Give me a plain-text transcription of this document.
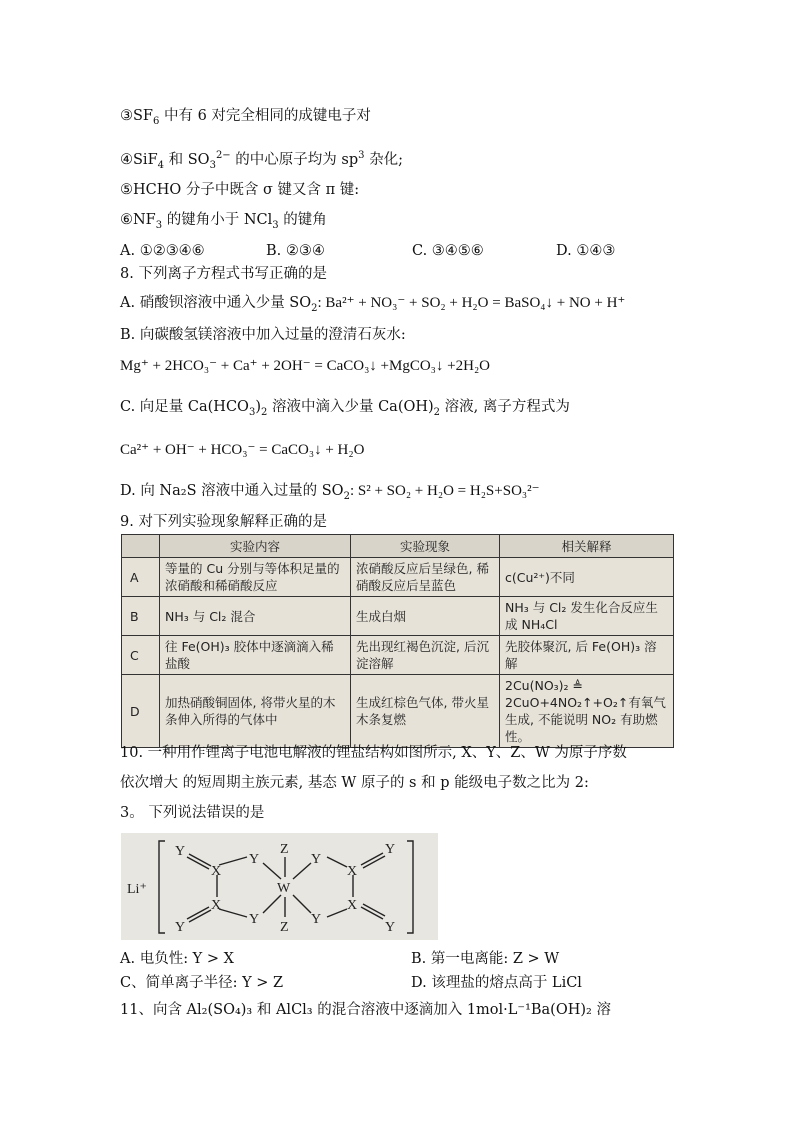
$③SF_6$ 中有 6 对完全相同的成键电子对
④SiF$_4$ 和 $SO_3^{2-}$ 的中心原子均为 $sp^3$ 杂化;
⑤HCHO 分子中既含 σ 键又含 π 键:
$⑥NF_3$ 的键角小于 NCl$_3$ 的键角
A. ①②③④⑥	B. ②③④	C. ③④⑤⑥	D. ①④③
8. 下列离子方程式书写正确的是
A. 硝酸钡溶液中通入少量 $SO_2$: Ba²⁺ + NO₃⁻ + SO₂ + H₂O = BaSO₄↓ + NO + H⁺
B. 向碳酸氢镁溶液中加入过量的澄清石灰水:
Mg⁺ + 2HCO₃⁻ + Ca⁺ + 2OH⁻ = CaCO₃↓ +MgCO₃↓ +2H₂O
C. 向足量 $Ca(HCO_3)_2$ 溶液中滴入少量 $Ca(OH)_2$ 溶液, 离子方程式为
Ca²⁺ + OH⁻ + HCO₃⁻ = CaCO₃↓ + H₂O
D. 向 Na₂S 溶液中通入过量的 $SO_2$: S² + SO₂ + H₂O = H₂S+SO₃²⁻
9. 对下列实验现象解释正确的是
	实验内容	实验现象	相关解释
A	等量的 Cu 分别与等体积足量的浓硝酸和稀硝酸反应	浓硝酸反应后呈绿色, 稀硝酸反应后呈蓝色	c(Cu²⁺)不同
B	NH₃ 与 Cl₂ 混合	生成白烟	NH₃ 与 Cl₂ 发生化合反应生成 NH₄Cl
C	往 Fe(OH)₃ 胶体中逐滴滴入稀盐酸	先出现红褐色沉淀, 后沉淀溶解	先胶体聚沉, 后 Fe(OH)₃ 溶解
D	加热硝酸铜固体, 将带火星的木条伸入所得的气体中	生成红棕色气体, 带火星木条复燃	2Cu(NO₃)₂ ≜ 2CuO+4NO₂↑+O₂↑有氧气生成, 不能说明 NO₂ 有助燃性。
10. 一种用作锂离子电池电解液的锂盐结构如图所示, X、Y、Z、W 为原子序数
依次增大 的短周期主族元素, 基态 W 原子的 s 和 p 能级电子数之比为 2:
3。 下列说法错误的是
Li⁺
Y
X
Y
Z
W
Y
X
Y
X
Y
Y
Z
Y
X
Y
A. 电负性: Y > X	B. 第一电离能: Z > W
C、简单离子半径: Y > Z	D. 该理盐的熔点高于 LiCl
11、向含 Al₂(SO₄)₃ 和 AlCl₃ 的混合溶液中逐滴加入 1mol·L⁻¹Ba(OH)₂ 溶
